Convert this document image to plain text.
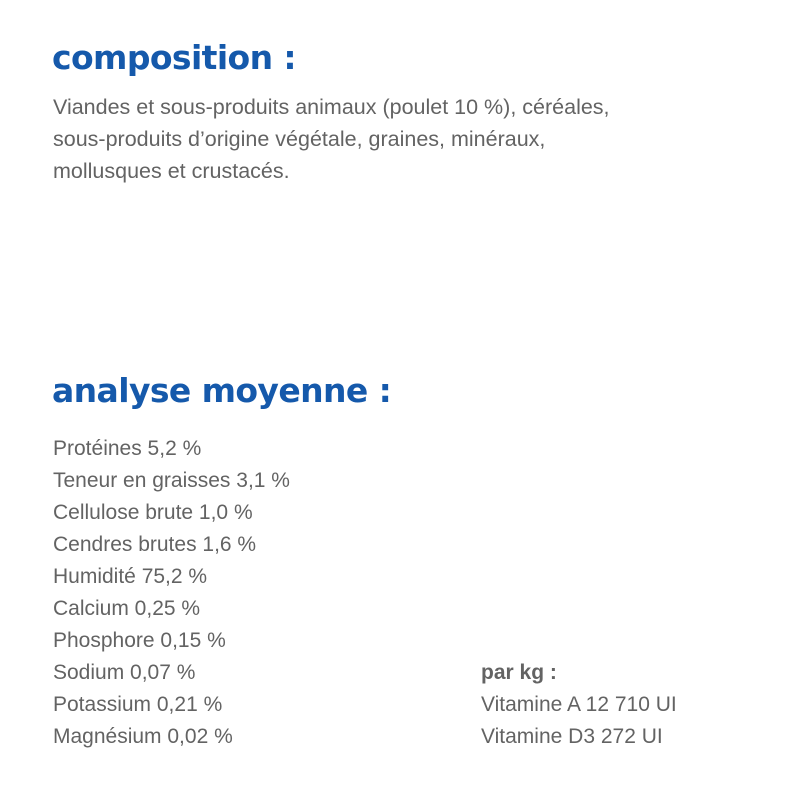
composition :

Viandes et sous-produits animaux (poulet 10 %), céréales,
sous-produits d’origine végétale, graines, minéraux,
mollusques et crustacés.

analyse moyenne :
Protéines 5,2 %
Teneur en graisses 3,1 %
Cellulose brute 1,0 %
Cendres brutes 1,6 %
Humidité 75,2 %
Calcium 0,25 %
Phosphore 0,15 %
Sodium 0,07 %
Potassium 0,21 %
Magnésium 0,02 %
par kg :
Vitamine A 12 710 UI
Vitamine D3 272 UI
